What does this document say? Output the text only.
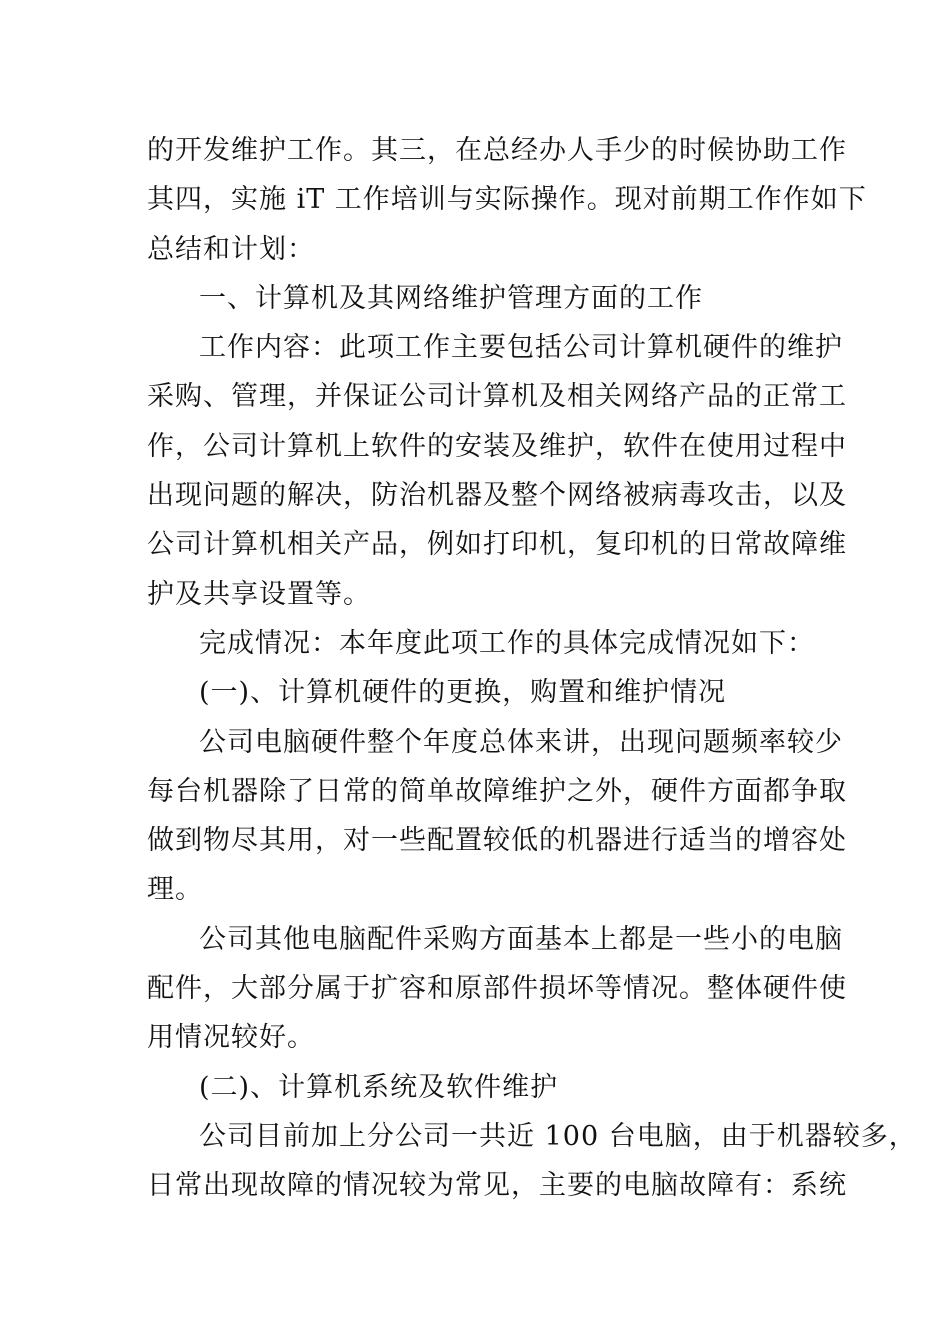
的开发维护工作。其三，在总经办人手少的时候协助工作
其四，实施 iT 工作培训与实际操作。现对前期工作作如下
总结和计划：
一、计算机及其网络维护管理方面的工作
工作内容：此项工作主要包括公司计算机硬件的维护
采购、管理，并保证公司计算机及相关网络产品的正常工
作，公司计算机上软件的安装及维护，软件在使用过程中
出现问题的解决，防治机器及整个网络被病毒攻击，以及
公司计算机相关产品，例如打印机，复印机的日常故障维
护及共享设置等。
完成情况：本年度此项工作的具体完成情况如下：
(一)、计算机硬件的更换，购置和维护情况
公司电脑硬件整个年度总体来讲，出现问题频率较少
每台机器除了日常的简单故障维护之外，硬件方面都争取
做到物尽其用，对一些配置较低的机器进行适当的增容处
理。
公司其他电脑配件采购方面基本上都是一些小的电脑
配件，大部分属于扩容和原部件损坏等情况。整体硬件使
用情况较好。
(二)、计算机系统及软件维护
公司目前加上分公司一共近 100 台电脑，由于机器较多，
日常出现故障的情况较为常见，主要的电脑故障有：系统
